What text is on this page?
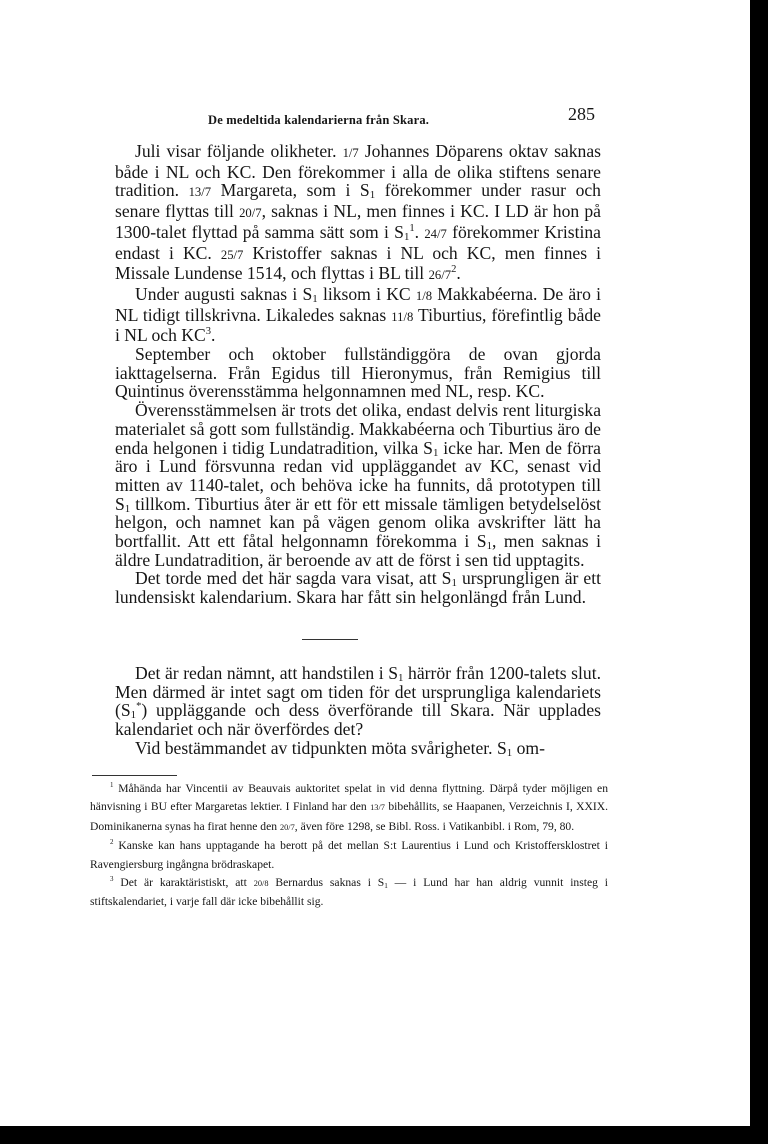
De medeltida kalendarierna från Skara.	285

Juli visar följande olikheter. 1/7 Johannes Döparens oktav saknas både i NL och KC. Den förekommer i alla de olika stiftens senare tradition. 13/7 Margareta, som i $S_1$ förekommer under rasur och senare flyttas till 20/7, saknas i NL, men finnes i KC. I LD är hon på 1300-talet flyttad på samma sätt som i $S_1^1$. 24/7 förekommer Kristina endast i KC. 25/7 Kristoffer saknas i NL och KC, men finnes i Missale Lundense 1514, och flyttas i BL till $26/7^2$.

Under augusti saknas i $S_1$ liksom i KC 1/8 Makkabéerna. De äro i NL tidigt tillskrivna. Likaledes saknas 11/8 Tiburtius, förefintlig både i NL och $KC^3$.

September och oktober fullständiggöra de ovan gjorda iakttagelserna. Från Egidus till Hieronymus, från Remigius till Quintinus överensstämma helgonnamnen med NL, resp. KC.

Överensstämmelsen är trots det olika, endast delvis rent liturgiska materialet så gott som fullständig. Makkabéerna och Tiburtius äro de enda helgonen i tidig Lundatradition, vilka $S_1$ icke har. Men de förra äro i Lund försvunna redan vid uppläggandet av KC, senast vid mitten av 1140-talet, och behöva icke ha funnits, då prototypen till $S_1$ tillkom. Tiburtius åter är ett för ett missale tämligen betydelselöst helgon, och namnet kan på vägen genom olika avskrifter lätt ha bortfallit. Att ett fåtal helgonnamn förekomma i $S_1$, men saknas i äldre Lundatradition, är beroende av att de först i sen tid upptagits.

Det torde med det här sagda vara visat, att $S_1$ ursprungligen är ett lundensiskt kalendarium. Skara har fått sin helgonlängd från Lund.

Det är redan nämnt, att handstilen i $S_1$ härrör från 1200-talets slut. Men därmed är intet sagt om tiden för det ursprungliga kalendariets $(S_1^*)$ uppläggande och dess överförande till Skara. När upplades kalendariet och när överfördes det?

Vid bestämmandet av tidpunkten möta svårigheter. $S_1$ om-

$^1$ Måhända har Vincentii av Beauvais auktoritet spelat in vid denna flyttning. Därpå tyder möjligen en hänvisning i BU efter Margaretas lektier. I Finland har den 13/7 bibehållits, se Haapanen, Verzeichnis I, XXIX. Dominikanerna synas ha firat henne den 20/7, även före 1298, se Bibl. Ross. i Vatikanbibl. i Rom, 79, 80.

$^2$ Kanske kan hans upptagande ha berott på det mellan S:t Laurentius i Lund och Kristoffersklostret i Ravengiersburg ingångna brödraskapet.

$^3$ Det är karaktäristiskt, att 20/8 Bernardus saknas i $S_1$ — i Lund har han aldrig vunnit insteg i stiftskalendariet, i varje fall där icke bibehållit sig.
